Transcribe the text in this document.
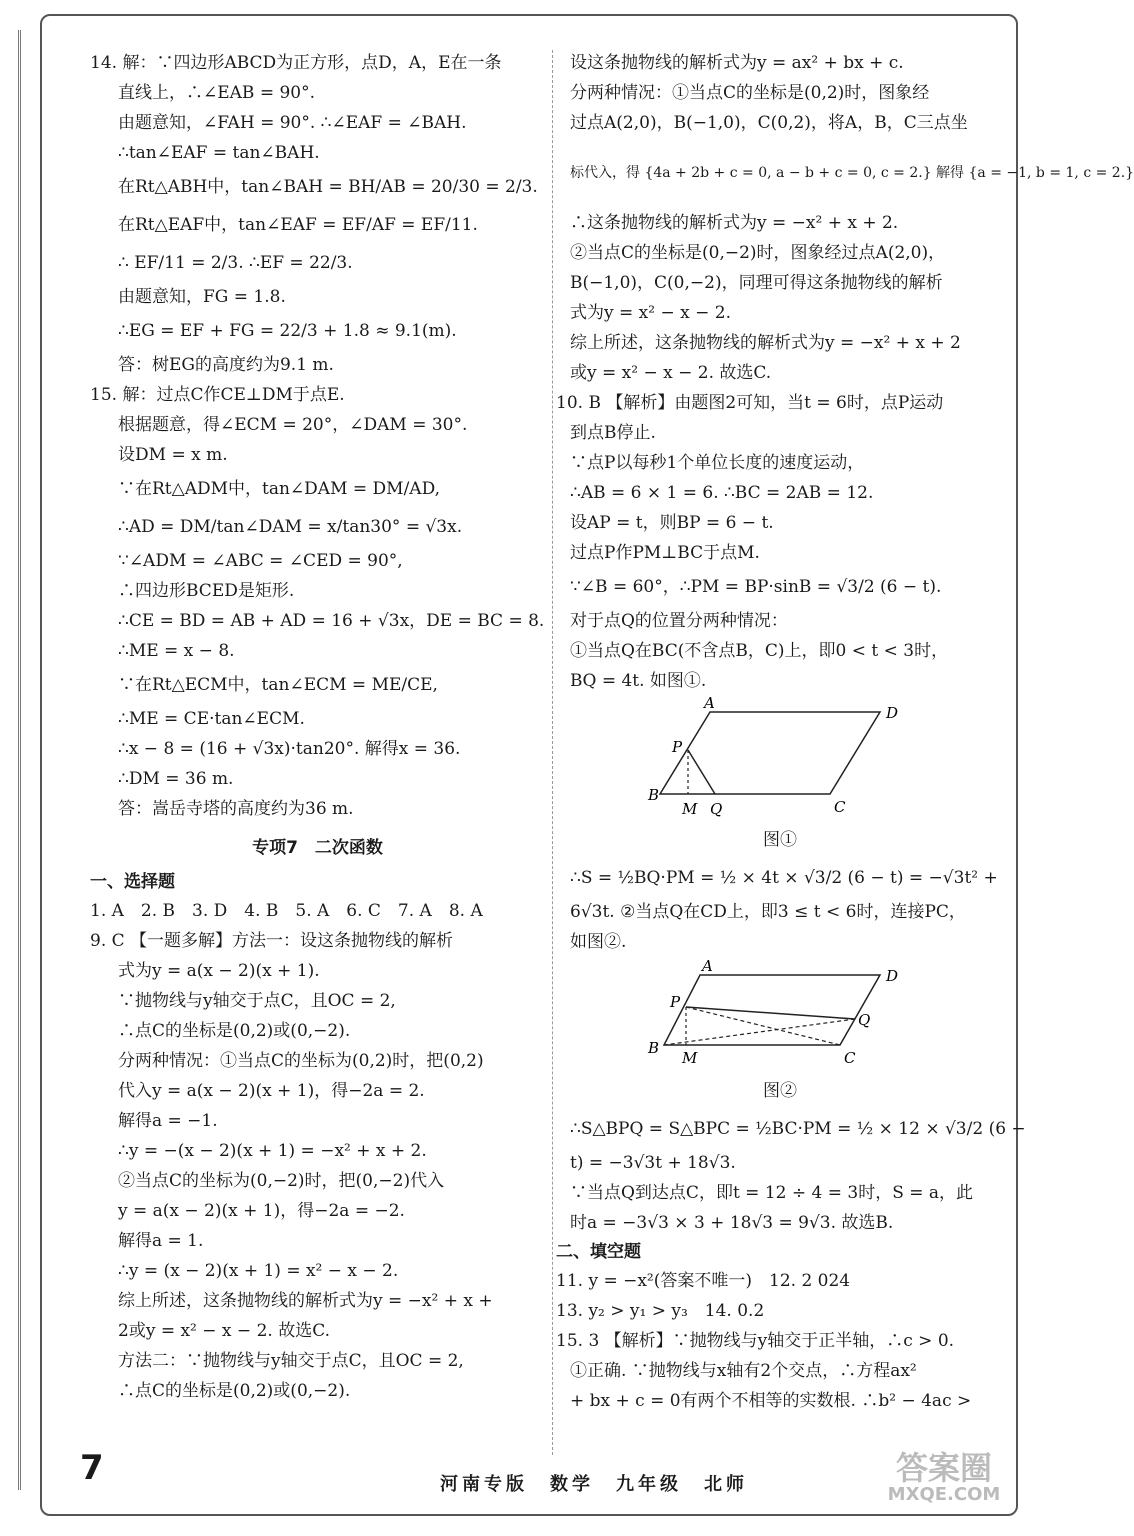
14. 解：∵四边形ABCD为正方形，点D，A，E在一条
直线上，∴∠EAB = 90°.
由题意知，∠FAH = 90°. ∴∠EAF = ∠BAH.
∴tan∠EAF = tan∠BAH.
在Rt△ABH中，tan∠BAH = BH/AB = 20/30 = 2/3.
在Rt△EAF中，tan∠EAF = EF/AF = EF/11.
∴ EF/11 = 2/3. ∴EF = 22/3.
由题意知，FG = 1.8.
∴EG = EF + FG = 22/3 + 1.8 ≈ 9.1(m).
答：树EG的高度约为9.1 m.
15. 解：过点C作CE⊥DM于点E.
根据题意，得∠ECM = 20°，∠DAM = 30°.
设DM = x m.
∵在Rt△ADM中，tan∠DAM = DM/AD,
∴AD = DM/tan∠DAM = x/tan30° = √3x.
∵∠ADM = ∠ABC = ∠CED = 90°,
∴四边形BCED是矩形.
∴CE = BD = AB + AD = 16 + √3x，DE = BC = 8.
∴ME = x − 8.
∵在Rt△ECM中，tan∠ECM = ME/CE,
∴ME = CE·tan∠ECM.
∴x − 8 = (16 + √3x)·tan20°. 解得x = 36.
∴DM = 36 m.
答：嵩岳寺塔的高度约为36 m.
专项7　二次函数
一、选择题
1. A　2. B　3. D　4. B　5. A　6. C　7. A　8. A
9. C 【一题多解】方法一：设这条抛物线的解析
式为y = a(x − 2)(x + 1).
∵抛物线与y轴交于点C，且OC = 2,
∴点C的坐标是(0,2)或(0,−2).
分两种情况：①当点C的坐标为(0,2)时，把(0,2)
代入y = a(x − 2)(x + 1)，得−2a = 2.
解得a = −1.
∴y = −(x − 2)(x + 1) = −x² + x + 2.
②当点C的坐标为(0,−2)时，把(0,−2)代入
y = a(x − 2)(x + 1)，得−2a = −2.
解得a = 1.
∴y = (x − 2)(x + 1) = x² − x − 2.
综上所述，这条抛物线的解析式为y = −x² + x +
2或y = x² − x − 2. 故选C.
方法二：∵抛物线与y轴交于点C，且OC = 2,
∴点C的坐标是(0,2)或(0,−2).
设这条抛物线的解析式为y = ax² + bx + c.
分两种情况：①当点C的坐标是(0,2)时，图象经
过点A(2,0)，B(−1,0)，C(0,2)，将A，B，C三点坐
标代入，得 {4a + 2b + c = 0, a − b + c = 0, c = 2.} 解得 {a = −1, b = 1, c = 2.}
∴这条抛物线的解析式为y = −x² + x + 2.
②当点C的坐标是(0,−2)时，图象经过点A(2,0)，
B(−1,0)，C(0,−2)，同理可得这条抛物线的解析
式为y = x² − x − 2.
综上所述，这条抛物线的解析式为y = −x² + x + 2
或y = x² − x − 2. 故选C.
10. B 【解析】由题图2可知，当t = 6时，点P运动
到点B停止.
∵点P以每秒1个单位长度的速度运动，
∴AB = 6 × 1 = 6. ∴BC = 2AB = 12.
设AP = t，则BP = 6 − t.
过点P作PM⊥BC于点M.
∵∠B = 60°，∴PM = BP·sinB = √3/2 (6 − t).
对于点Q的位置分两种情况：
①当点Q在BC(不含点B，C)上，即0 < t < 3时，
BQ = 4t. 如图①.
A
D
P
B
M Q	C
图①
∴S = ½BQ·PM = ½ × 4t × √3/2 (6 − t) = −√3t² +
6√3t. ②当点Q在CD上，即3 ≤ t < 6时，连接PC，
如图②.
A
D
P
Q
B
M	C
图②
∴S△BPQ = S△BPC = ½BC·PM = ½ × 12 × √3/2 (6 −
t) = −3√3t + 18√3.
∵当点Q到达点C，即t = 12 ÷ 4 = 3时，S = a，此
时a = −3√3 × 3 + 18√3 = 9√3. 故选B.
二、填空题
11. y = −x²(答案不唯一)　12. 2 024
13. y₂ > y₁ > y₃　14. 0.2
15. 3 【解析】∵抛物线与y轴交于正半轴，∴c > 0.
①正确. ∵抛物线与x轴有2个交点，∴方程ax²
+ bx + c = 0有两个不相等的实数根. ∴b² − 4ac >
7	河南专版　数学　九年级　北师	答案圈
MXQE.COM
